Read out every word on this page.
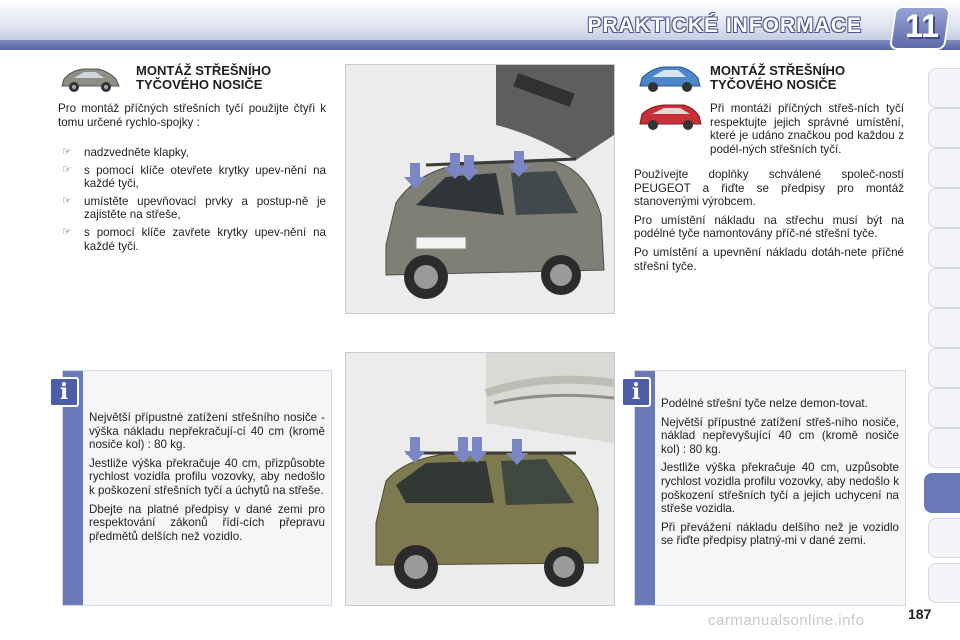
PRAKTICKÉ INFORMACE 11
MONTÁŽ STŘEŠNÍHO
TYČOVÉHO NOSIČE

Pro montáž příčných střešních tyčí použijte čtyři k tomu určené rychlo-spojky :

☞ nadzvedněte klapky,
☞ s pomocí klíče otevřete krytky upev-nění na každé tyči,
☞ umístěte upevňovací prvky a postup-ně je zajistěte na střeše,
☞ s pomocí klíče zavřete krytky upev-nění na každé tyči.
MONTÁŽ STŘEŠNÍHO
TYČOVÉHO NOSIČE

Při montáži příčných střeš-ních tyčí respektujte jejich správné umístění, které je udáno značkou pod každou z podél-ných střešních tyčí.

Používejte doplňky schválené společ-ností PEUGEOT a řiďte se předpisy pro montáž stanovenými výrobcem.

Pro umístění nákladu na střechu musí být na podélné tyče namontovány příč-né střešní tyče.

Po umístění a upevnění nákladu dotáh-nete příčné střešní tyče.

i

Největší přípustné zatížení střešního nosiče - výška nákladu nepřekračují-cí 40 cm (kromě nosiče kol) : 80 kg.

Jestliže výška překračuje 40 cm, přizpůsobte rychlost vozidla profilu vozovky, aby nedošlo k poškození střešních tyčí a úchytů na střeše.

Dbejte na platné předpisy v dané zemi pro respektování zákonů řídí-cích přepravu předmětů delších než vozidlo.

i	Podélné střešní tyče nelze demon-tovat.

Největší přípustné zatížení střeš-ního nosiče, náklad nepřevyšující 40 cm (kromě nosiče kol) : 80 kg.

Jestliže výška překračuje 40 cm, uzpůsobte rychlost vozidla profilu vozovky, aby nedošlo k poškození střešních tyčí a jejich uchycení na střeše vozidla.

Při převážení nákladu delšího než je vozidlo se řiďte předpisy platný-mi v dané zemi.

carmanualsonline.info	187
